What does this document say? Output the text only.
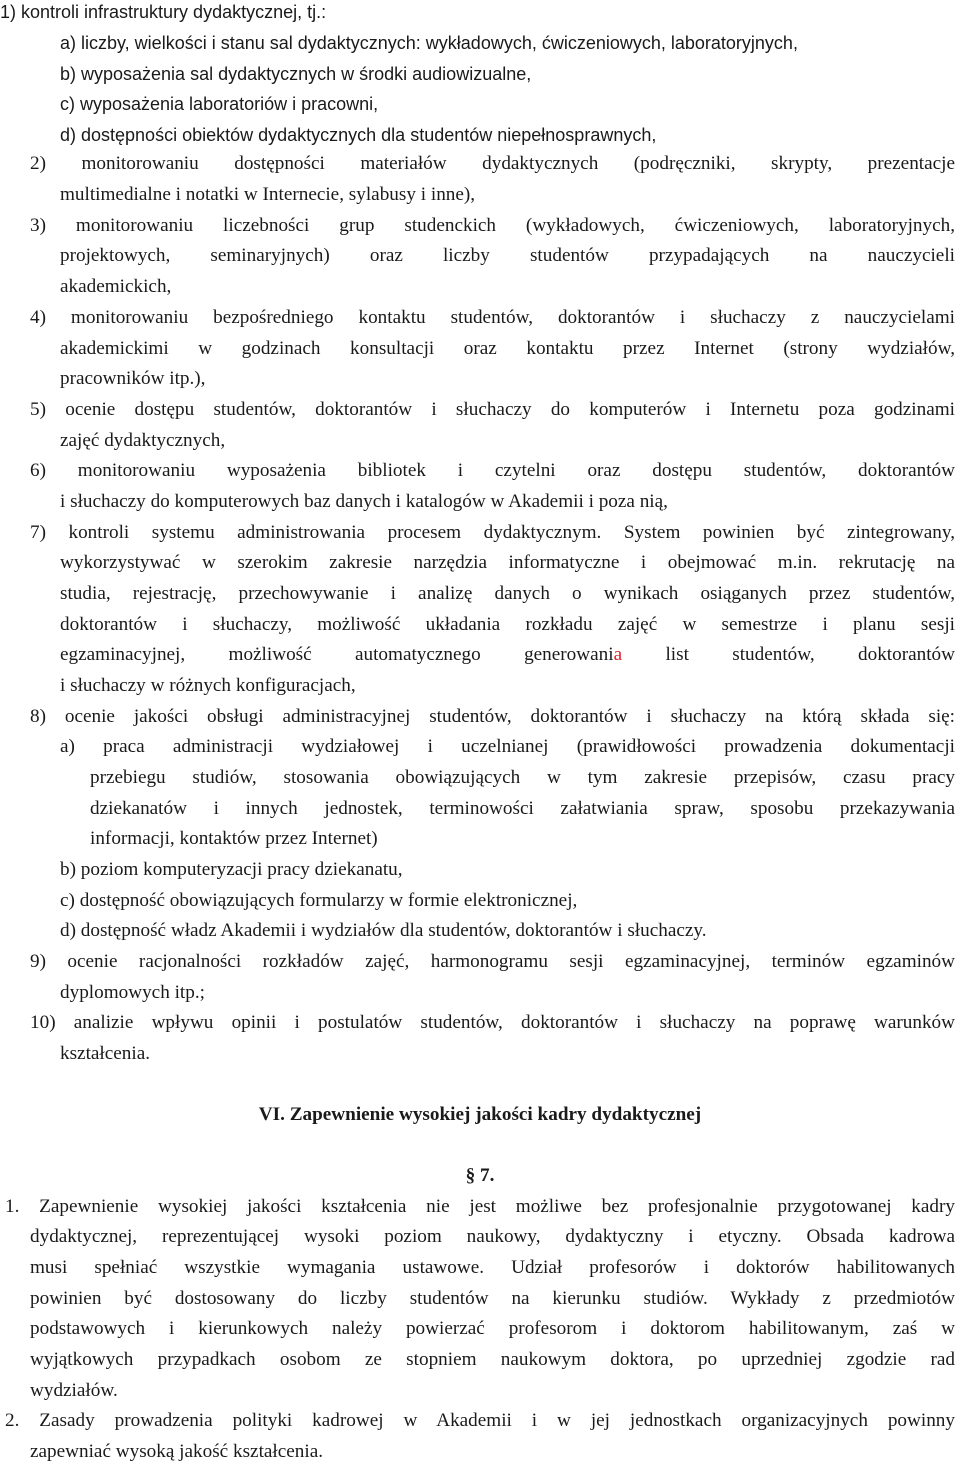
1) kontroli infrastruktury dydaktycznej, tj.:
a) liczby, wielkości i stanu sal dydaktycznych: wykładowych, ćwiczeniowych, laboratoryjnych,
b) wyposażenia sal dydaktycznych w środki audiowizualne,
c) wyposażenia laboratoriów i pracowni,
d) dostępności obiektów dydaktycznych dla studentów niepełnosprawnych,
2) monitorowaniu dostępności materiałów dydaktycznych (podręczniki, skrypty, prezentacje
multimedialne i notatki w Internecie, sylabusy i inne),
3) monitorowaniu liczebności grup studenckich (wykładowych, ćwiczeniowych, laboratoryjnych,
projektowych, seminaryjnych) oraz liczby studentów przypadających na nauczycieli
akademickich,
4) monitorowaniu bezpośredniego kontaktu studentów, doktorantów i słuchaczy z nauczycielami
akademickimi w godzinach konsultacji oraz kontaktu przez Internet (strony wydziałów,
pracowników itp.),
5) ocenie dostępu studentów, doktorantów i słuchaczy do komputerów i Internetu poza godzinami
zajęć dydaktycznych,
6) monitorowaniu wyposażenia bibliotek i czytelni oraz dostępu studentów, doktorantów
i słuchaczy do komputerowych baz danych i katalogów w Akademii i poza nią,
7) kontroli systemu administrowania procesem dydaktycznym. System powinien być zintegrowany,
wykorzystywać w szerokim zakresie narzędzia informatyczne i obejmować m.in. rekrutację na
studia, rejestrację, przechowywanie i analizę danych o wynikach osiąganych przez studentów,
doktorantów i słuchaczy, możliwość układania rozkładu zajęć w semestrze i planu sesji
egzaminacyjnej, możliwość automatycznego generowania list studentów, doktorantów
i słuchaczy w różnych konfiguracjach,
8) ocenie jakości obsługi administracyjnej studentów, doktorantów i słuchaczy na którą składa się:
a) praca administracji wydziałowej i uczelnianej (prawidłowości prowadzenia dokumentacji
przebiegu studiów, stosowania obowiązujących w tym zakresie przepisów, czasu pracy
dziekanatów i innych jednostek, terminowości załatwiania spraw, sposobu przekazywania
informacji, kontaktów przez Internet)
b) poziom komputeryzacji pracy dziekanatu,
c) dostępność obowiązujących formularzy w formie elektronicznej,
d) dostępność władz Akademii i wydziałów dla studentów, doktorantów i słuchaczy.
9) ocenie racjonalności rozkładów zajęć, harmonogramu sesji egzaminacyjnej, terminów egzaminów
dyplomowych itp.;
10) analizie wpływu opinii i postulatów studentów, doktorantów i słuchaczy na poprawę warunków
kształcenia.
VI. Zapewnienie wysokiej jakości kadry dydaktycznej
§ 7.
1. Zapewnienie wysokiej jakości kształcenia nie jest możliwe bez profesjonalnie przygotowanej kadry
dydaktycznej, reprezentującej wysoki poziom naukowy, dydaktyczny i etyczny. Obsada kadrowa
musi spełniać wszystkie wymagania ustawowe. Udział profesorów i doktorów habilitowanych
powinien być dostosowany do liczby studentów na kierunku studiów. Wykłady z przedmiotów
podstawowych i kierunkowych należy powierzać profesorom i doktorom habilitowanym, zaś w
wyjątkowych przypadkach osobom ze stopniem naukowym doktora, po uprzedniej zgodzie rad
wydziałów.
2. Zasady prowadzenia polityki kadrowej w Akademii i w jej jednostkach organizacyjnych powinny
zapewniać wysoką jakość kształcenia.
